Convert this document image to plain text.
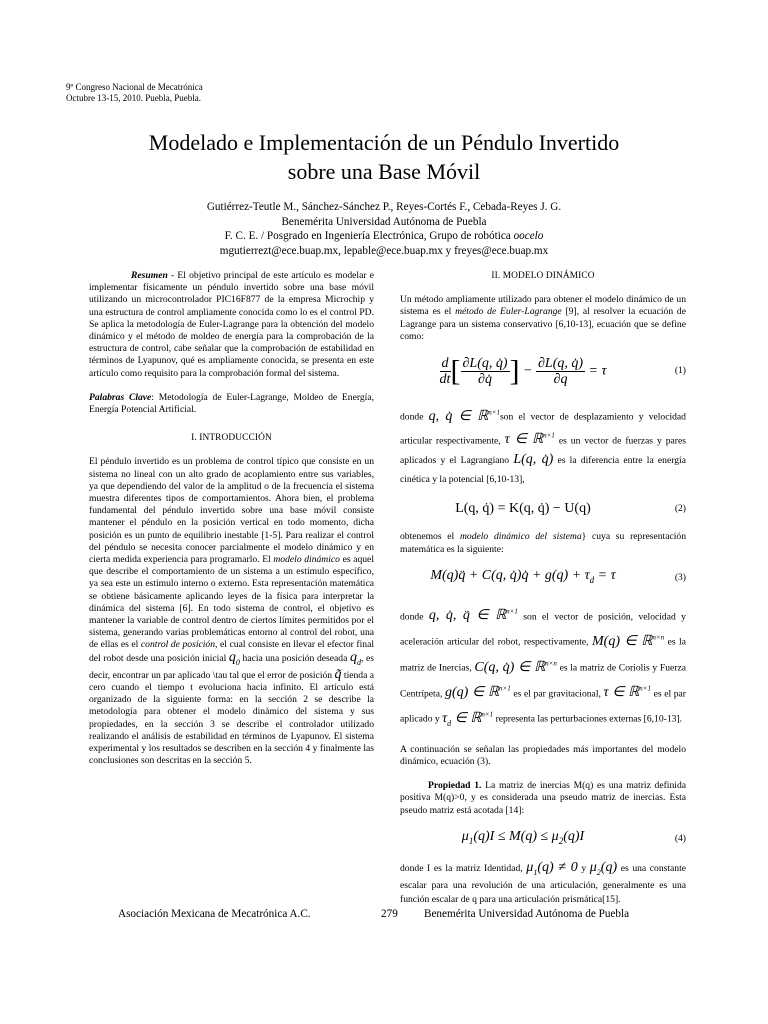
9º Congreso Nacional de Mecatrónica
Octubre 13-15, 2010. Puebla, Puebla.
Modelado e Implementación de un Péndulo Invertido
sobre una Base Móvil
Gutiérrez-Teutle M., Sánchez-Sánchez P., Reyes-Cortés F., Cebada-Reyes J. G.
Benemérita Universidad Autónoma de Puebla
F. C. E. / Posgrado en Ingeniería Electrónica, Grupo de robótica oocelo
mgutierrezt@ece.buap.mx, lepable@ece.buap.mx y freyes@ece.buap.mx

Resumen - El objetivo principal de este artículo es modelar e implementar físicamente un péndulo invertido sobre una base móvil utilizando un microcontrolador PIC16F877 de la empresa Microchip y una estructura de control ampliamente conocida como lo es el control PD. Se aplica la metodología de Euler-Lagrange para la obtención del modelo dinámico y el método de moldeo de energía para la comprobación de la estructura de control, cabe señalar que la comprobación de estabilidad en términos de Lyapunov, qué es ampliamente conocida, se presenta en este artículo como requisito para la comprobación formal del sistema.

Palabras Clave: Metodología de Euler-Lagrange, Moldeo de Energía, Energía Potencial Artificial.

I. INTRODUCCIÓN

El péndulo invertido es un problema de control típico que consiste en un sistema no lineal con un alto grado de acoplamiento entre sus variables, ya que dependiendo del valor de la amplitud o de la frecuencia el sistema muestra diferentes tipos de comportamientos. Ahora bien, el problema fundamental del péndulo invertido sobre una base móvil consiste mantener el péndulo en la posición vertical en todo momento, dicha posición es un punto de equilibrio inestable [1-5]. Para realizar el control del péndulo se necesita conocer parcialmente el modelo dinámico y en cierta medida experiencia para programarlo. El modelo dinámico es aquel que describe el comportamiento de un sistema a un estímulo específico, ya sea este un estímulo interno o externo. Esta representación matemática se obtiene básicamente aplicando leyes de la física para interpretar la dinámica del sistema [6]. En todo sistema de control, el objetivo es mantener la variable de control dentro de ciertos límites permitidos por el sistema, generando varias problemáticas entorno al control del robot, una de ellas es el control de posición, el cual consiste en llevar el efector final del robot desde una posición inicial $q_0$ hacia una posición deseada $q_d$, es decir, encontrar un par aplicado \tau tal que el error de posición q̃ tienda a cero cuando el tiempo t evoluciona hacia infinito. El artículo está organizado de la siguiente forma: en la sección 2 se describe la metodología para obtener el modelo dinámico del sistema y sus propiedades, en la sección 3 se describe el controlador utilizado realizando el análisis de estabilidad en términos de Lyapunov. El sistema experimental y los resultados se describen en la sección 4 y finalmente las conclusiones son descritas en la sección 5.

II. MODELO DINÁMICO

Un método ampliamente utilizado para obtener el modelo dinámico de un sistema es el método de Euler-Lagrange [9], al resolver la ecuación de Lagrange para un sistema conservativo [6,10-13], ecuación que se define como:

$\frac{d}{dt}$ [ $\frac{\partial L(q, q̇)}{\partial q̇}$ ] − $\frac{\partial L(q, q̇)}{\partial q} = \tau$	(1)

donde q, q̇ ∈ ℝ$^{n\times 1}$son el vector de desplazamiento y velocidad articular respectivamente, τ ∈ ℝ$^{n\times 1}$ es un vector de fuerzas y pares aplicados y el Lagrangiano L(q, q̇) es la diferencia entre la energía cinética y la potencial [6,10-13],

L(q, q̇) = K(q, q̇) − U(q)	(2)

obtenemos el modelo dinámico del sistema} cuya su representación matemática es la siguiente:

M(q)q̈ + C(q, q̇)q̇ + $g(q) + \tau_d = \tau$	(3)

donde q, q̇, q̈ ∈ ℝ$^{n\times 1}$ son el vector de posición, velocidad y aceleración articular del robot, respectivamente, M(q) ∈ ℝ$^{n\times n}$ es la matriz de Inercias, C(q, q̇) ∈ ℝ$^{n\times n}$ es la matriz de Coriolis y Fuerza Centrípeta, g(q) ∈ ℝ$^{n\times 1}$ es el par gravitacional, τ ∈ ℝ$^{n\times 1}$ es el par aplicado y $\tau_d$ ∈ ℝ$^{n\times 1}$ representa las perturbaciones externas [6,10-13].

A continuación se señalan las propiedades más importantes del modelo dinámico, ecuación (3).

Propiedad 1. La matriz de inercias M(q) es una matriz definida positiva M(q)>0, y es considerada una pseudo matriz de inercias. Esta pseudo matriz está acotada [14]:

$\mu_1(q)I \le M(q) \le \mu_2(q)I$	(4)

donde I es la matriz Identidad, $\mu_1(q) \ne 0$ y $\mu_2(q)$ es una constante escalar para una revolución de una articulación, generalmente es una función escalar de q para una articulación prismática[15].

Asociación Mexicana de Mecatrónica A.C.	279 Benemérita Universidad Autónoma de Puebla
